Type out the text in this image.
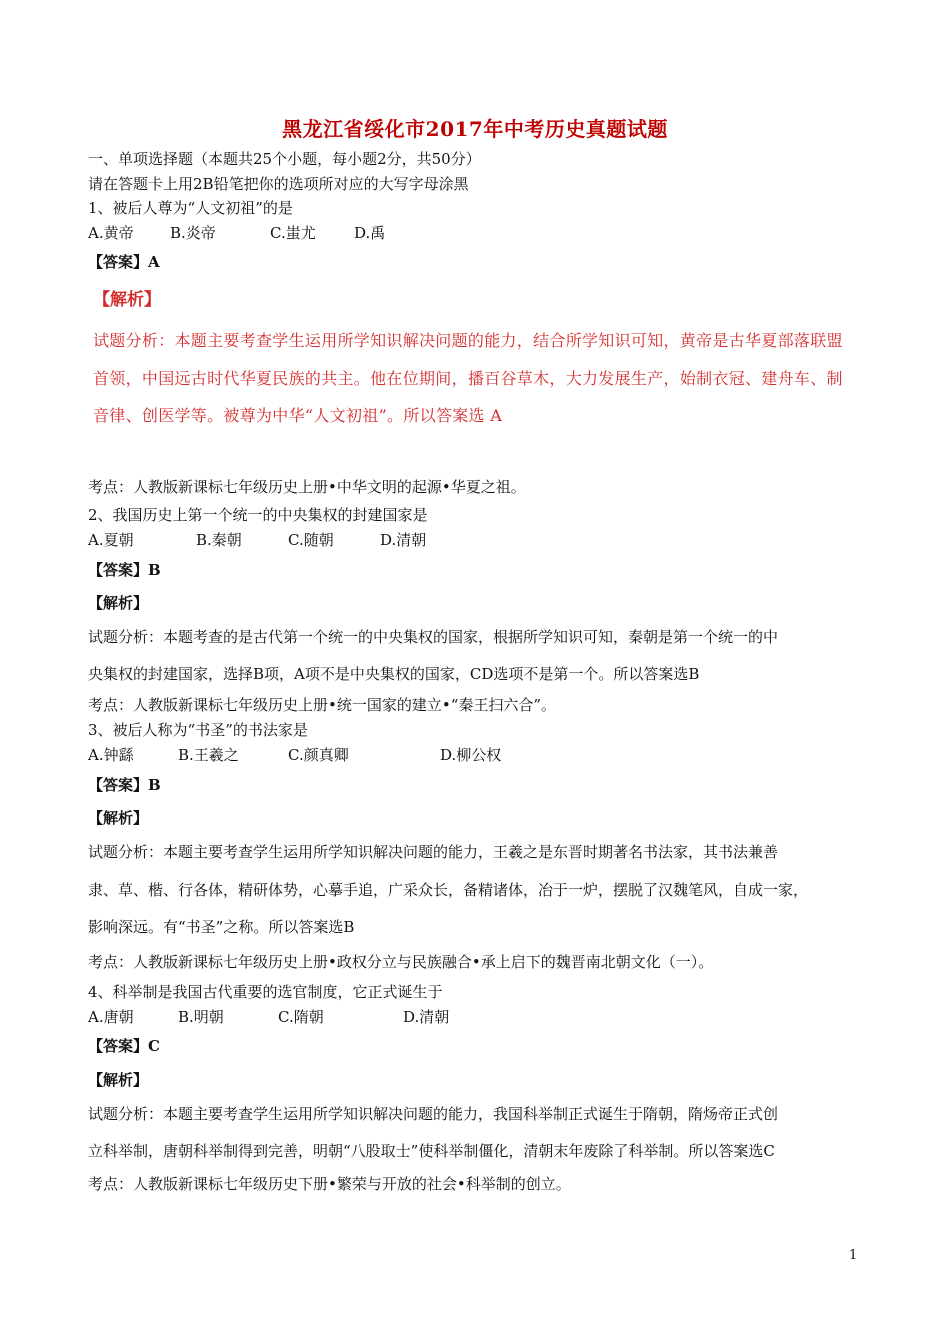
黑龙江省绥化市2017年中考历史真题试题
一、单项选择题（本题共25个小题，每小题2分，共50分）
请在答题卡上用2B铅笔把你的选项所对应的大写字母涂黑
1、被后人尊为“人文初祖”的是
A.黄帝 B.炎帝	C.蚩尤	D.禹
【答案】A
【解析】
试题分析：本题主要考查学生运用所学知识解决问题的能力，结合所学知识可知，黄帝是古华夏部落联盟
首领，中国远古时代华夏民族的共主。他在位期间，播百谷草木，大力发展生产，始制衣冠、建舟车、制
音律、创医学等。被尊为中华“人文初祖”。所以答案选 A
考点：人教版新课标七年级历史上册•中华文明的起源•华夏之祖。
2、我国历史上第一个统一的中央集权的封建国家是
A.夏朝	B.秦朝	C.随朝	D.清朝
【答案】B
【解析】
试题分析：本题考查的是古代第一个统一的中央集权的国家，根据所学知识可知，秦朝是第一个统一的中
央集权的封建国家，选择B项，A项不是中央集权的国家，CD选项不是第一个。所以答案选B
考点：人教版新课标七年级历史上册•统一国家的建立•“秦王扫六合”。
3、被后人称为“书圣”的书法家是
A.钟繇	B.王羲之	C.颜真卿	D.柳公权
【答案】B
【解析】
试题分析：本题主要考查学生运用所学知识解决问题的能力，王羲之是东晋时期著名书法家，其书法兼善
隶、草、楷、行各体，精研体势，心摹手追，广采众长，备精诸体，冶于一炉，摆脱了汉魏笔风，自成一家，
影响深远。有“书圣”之称。所以答案选B
考点：人教版新课标七年级历史上册•政权分立与民族融合•承上启下的魏晋南北朝文化（一）。
4、科举制是我国古代重要的选官制度，它正式诞生于
A.唐朝	B.明朝	C.隋朝	D.清朝
【答案】C
【解析】
试题分析：本题主要考查学生运用所学知识解决问题的能力，我国科举制正式诞生于隋朝，隋炀帝正式创
立科举制，唐朝科举制得到完善，明朝“八股取士”使科举制僵化，清朝末年废除了科举制。所以答案选C
考点：人教版新课标七年级历史下册•繁荣与开放的社会•科举制的创立。
1
